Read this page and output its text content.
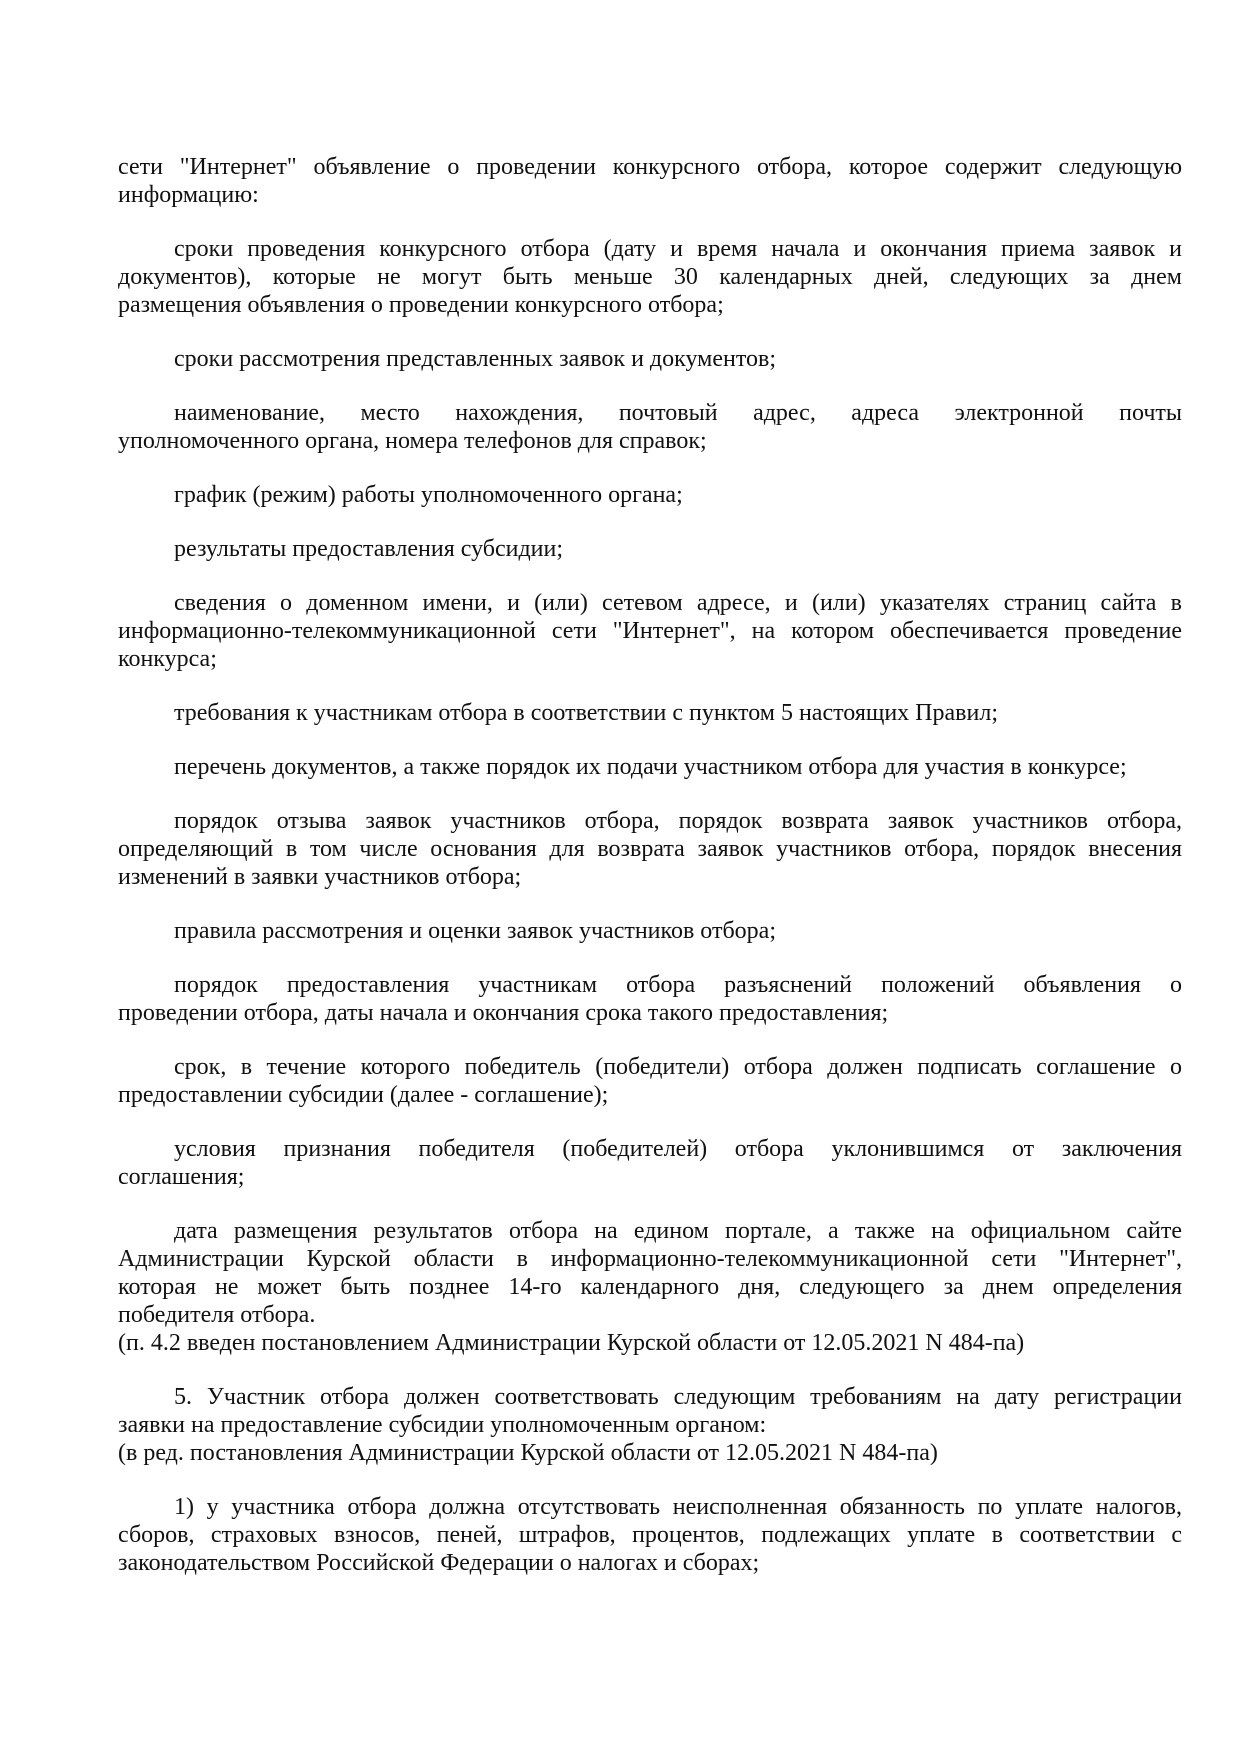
сети "Интернет" объявление о проведении конкурсного отбора, которое содержит следующую
информацию:
сроки проведения конкурсного отбора (дату и время начала и окончания приема заявок и
документов), которые не могут быть меньше 30 календарных дней, следующих за днем
размещения объявления о проведении конкурсного отбора;
сроки рассмотрения представленных заявок и документов;
наименование, место нахождения, почтовый адрес, адреса электронной почты
уполномоченного органа, номера телефонов для справок;
график (режим) работы уполномоченного органа;
результаты предоставления субсидии;
сведения о доменном имени, и (или) сетевом адресе, и (или) указателях страниц сайта в
информационно-телекоммуникационной сети "Интернет", на котором обеспечивается проведение
конкурса;
требования к участникам отбора в соответствии с пунктом 5 настоящих Правил;
перечень документов, а также порядок их подачи участником отбора для участия в конкурсе;
порядок отзыва заявок участников отбора, порядок возврата заявок участников отбора,
определяющий в том числе основания для возврата заявок участников отбора, порядок внесения
изменений в заявки участников отбора;
правила рассмотрения и оценки заявок участников отбора;
порядок предоставления участникам отбора разъяснений положений объявления о
проведении отбора, даты начала и окончания срока такого предоставления;
срок, в течение которого победитель (победители) отбора должен подписать соглашение о
предоставлении субсидии (далее - соглашение);
условия признания победителя (победителей) отбора уклонившимся от заключения
соглашения;
дата размещения результатов отбора на едином портале, а также на официальном сайте
Администрации Курской области в информационно-телекоммуникационной сети "Интернет",
которая не может быть позднее 14-го календарного дня, следующего за днем определения
победителя отбора.
(п. 4.2 введен постановлением Администрации Курской области от 12.05.2021 N 484-па)
5. Участник отбора должен соответствовать следующим требованиям на дату регистрации
заявки на предоставление субсидии уполномоченным органом:
(в ред. постановления Администрации Курской области от 12.05.2021 N 484-па)
1) у участника отбора должна отсутствовать неисполненная обязанность по уплате налогов,
сборов, страховых взносов, пеней, штрафов, процентов, подлежащих уплате в соответствии с
законодательством Российской Федерации о налогах и сборах;
